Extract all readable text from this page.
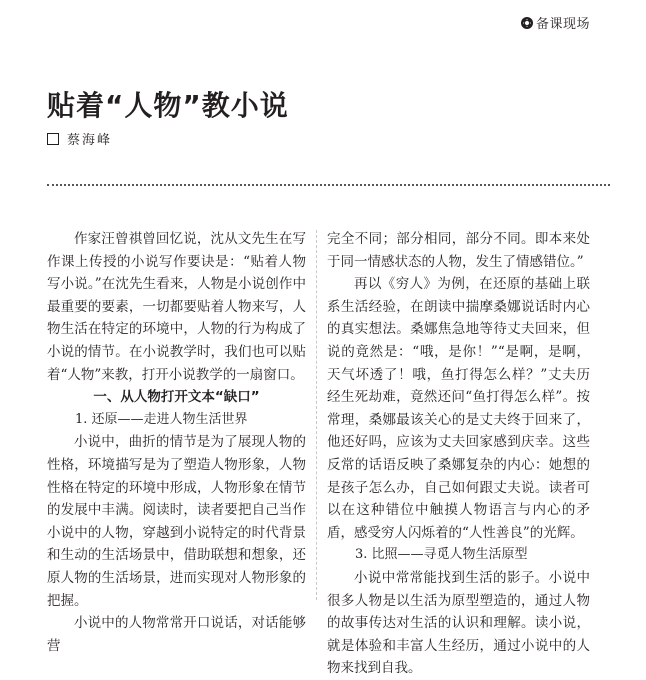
备课现场
贴着“人物”教小说
蔡海峰

作家汪曾祺曾回忆说，沈从文先生在写作课上传授的小说写作要诀是：“贴着人物写小说。”在沈先生看来，人物是小说创作中最重要的要素，一切都要贴着人物来写，人物生活在特定的环境中，人物的行为构成了小说的情节。在小说教学时，我们也可以贴着“人物”来教，打开小说教学的一扇窗口。

一、从人物打开文本“缺口”
1. 还原——走进人物生活世界

小说中，曲折的情节是为了展现人物的性格，环境描写是为了塑造人物形象，人物性格在特定的环境中形成，人物形象在情节的发展中丰满。阅读时，读者要把自己当作小说中的人物，穿越到小说特定的时代背景和生动的生活场景中，借助联想和想象，还原人物的生活场景，进而实现对人物形象的把握。

小说中的人物常常开口说话，对话能够营

完全不同；部分相同，部分不同。即本来处于同一情感状态的人物，发生了情感错位。”

再以《穷人》为例，在还原的基础上联系生活经验，在朗读中揣摩桑娜说话时内心的真实想法。桑娜焦急地等待丈夫回来，但说的竟然是：“哦，是你！”“是啊，是啊，天气坏透了！哦，鱼打得怎么样？”丈夫历经生死劫难，竟然还问“鱼打得怎么样”。按常理，桑娜最该关心的是丈夫终于回来了，他还好吗，应该为丈夫回家感到庆幸。这些反常的话语反映了桑娜复杂的内心：她想的是孩子怎么办，自己如何跟丈夫说。读者可以在这种错位中触摸人物语言与内心的矛盾，感受穷人闪烁着的“人性善良”的光辉。

3. 比照——寻觅人物生活原型

小说中常常能找到生活的影子。小说中很多人物是以生活为原型塑造的，通过人物的故事传达对生活的认识和理解。读小说，就是体验和丰富人生经历，通过小说中的人物来找到自我。
